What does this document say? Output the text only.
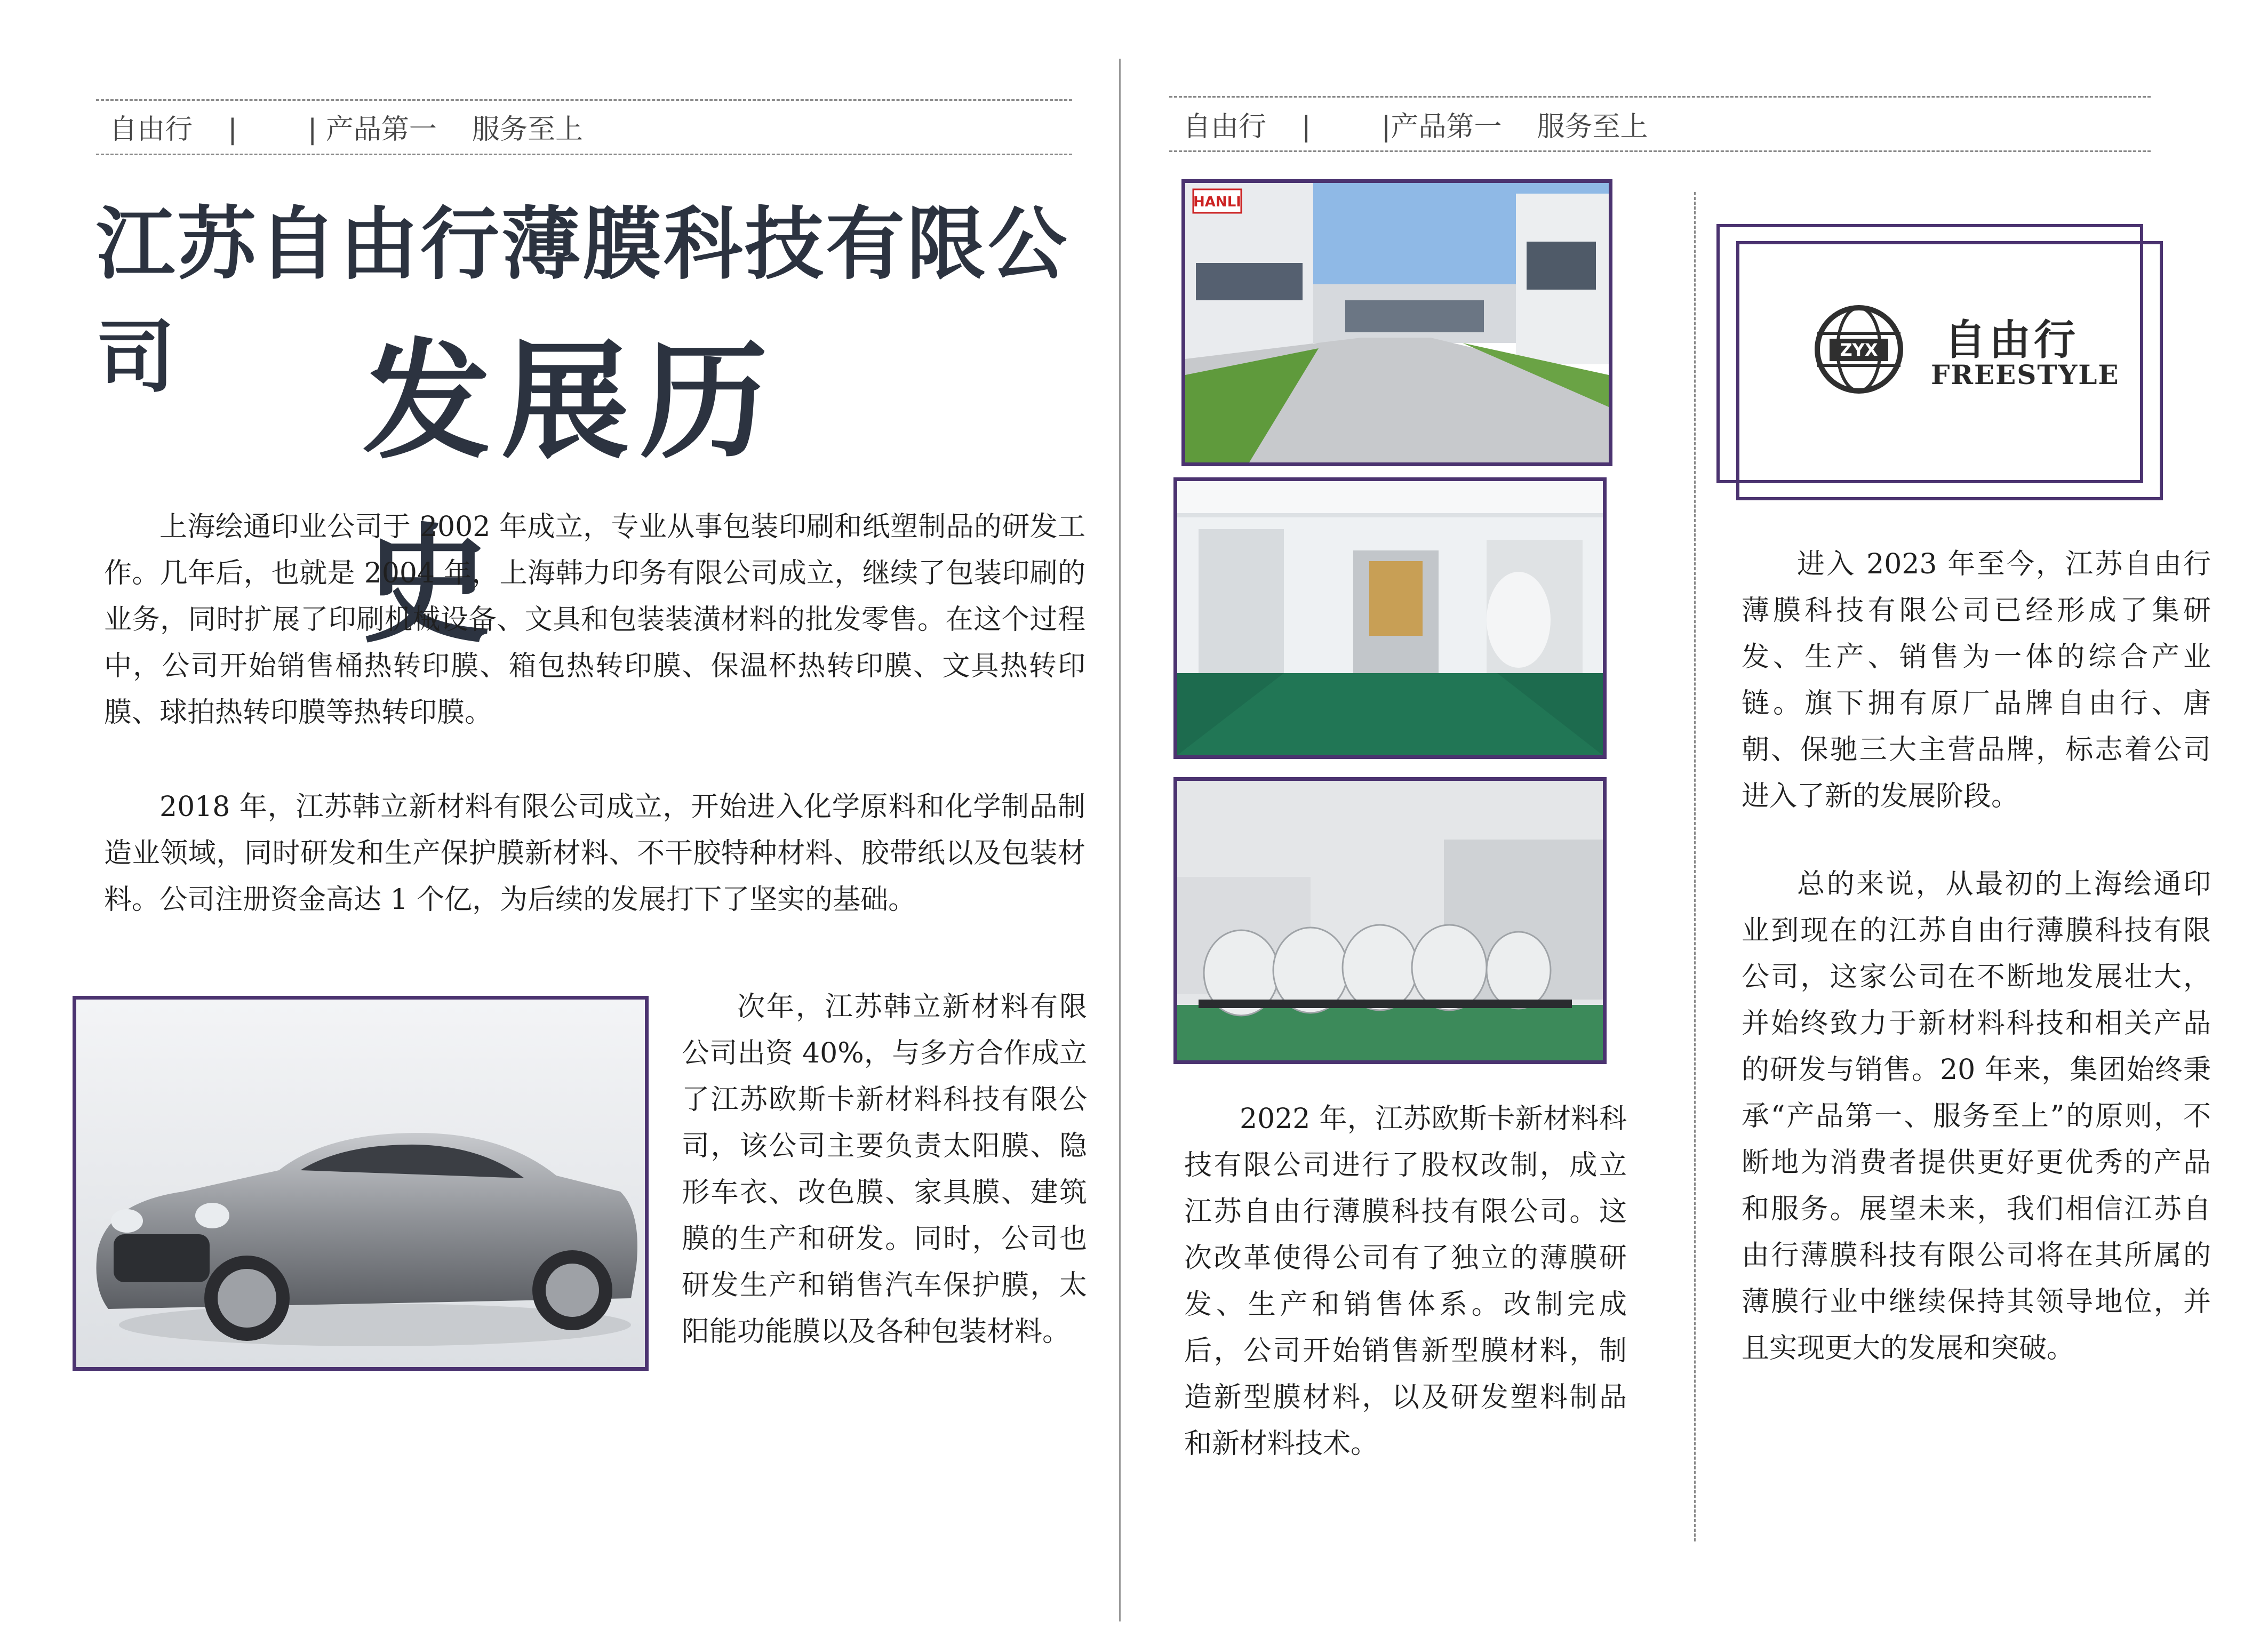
自由行    |        | 产品第一    服务至上
江苏自由行薄膜科技有限公司	发展历史
上海绘通印业公司于 2002 年成立，专业从事包装印刷和纸塑制品的研发工作。几年后，也就是 2004 年，上海韩力印务有限公司成立，继续了包装印刷的业务，同时扩展了印刷机械设备、文具和包装装潢材料的批发零售。在这个过程中，公司开始销售桶热转印膜、箱包热转印膜、保温杯热转印膜、文具热转印膜、球拍热转印膜等热转印膜。
2018 年，江苏韩立新材料有限公司成立，开始进入化学原料和化学制品制造业领域，同时研发和生产保护膜新材料、不干胶特种材料、胶带纸以及包装材料。公司注册资金高达 1 个亿，为后续的发展打下了坚实的基础。
次年，江苏韩立新材料有限公司出资 40%，与多方合作成立了江苏欧斯卡新材料科技有限公司，该公司主要负责太阳膜、隐形车衣、改色膜、家具膜、建筑膜的生产和研发。同时，公司也研发生产和销售汽车保护膜，太阳能功能膜以及各种包装材料。
自由行    |        |产品第一    服务至上
HANLI
2022 年，江苏欧斯卡新材料科技有限公司进行了股权改制，成立江苏自由行薄膜科技有限公司。这次改革使得公司有了独立的薄膜研发、生产和销售体系。改制完成后，公司开始销售新型膜材料，制造新型膜材料，以及研发塑料制品和新材料技术。
ZYX 自由行
FREESTYLE
进入 2023 年至今，江苏自由行薄膜科技有限公司已经形成了集研发、生产、销售为一体的综合产业链。旗下拥有原厂品牌自由行、唐朝、保驰三大主营品牌，标志着公司进入了新的发展阶段。
总的来说，从最初的上海绘通印业到现在的江苏自由行薄膜科技有限公司，这家公司在不断地发展壮大，并始终致力于新材料科技和相关产品的研发与销售。20 年来，集团始终秉承“产品第一、服务至上”的原则，不断地为消费者提供更好更优秀的产品和服务。展望未来，我们相信江苏自由行薄膜科技有限公司将在其所属的薄膜行业中继续保持其领导地位，并且实现更大的发展和突破。
